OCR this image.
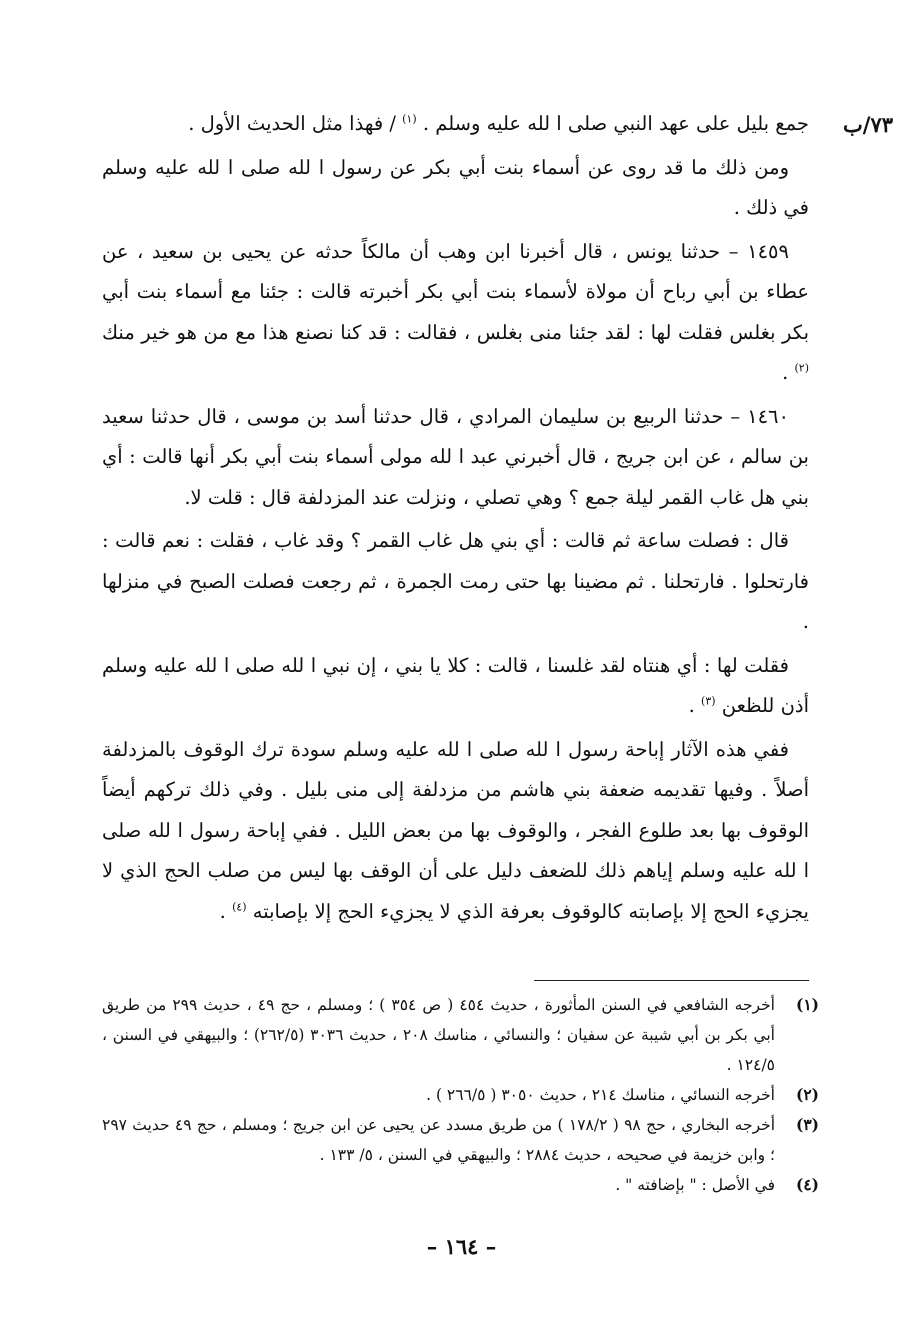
٧٣/ب

جمع بليل على عهد النبي صلى ا لله عليه وسلم . $^{(١)}$ / فهذا مثل الحديث الأول .

ومن ذلك ما قد روى عن أسماء بنت أبي بكر عن رسول ا لله صلى ا لله عليه وسلم في ذلك .

١٤٥٩ – حدثنا يونس ، قال أخبرنا ابن وهب أن مالكاً حدثه عن يحيى بن سعيد ، عن عطاء بن أبي رباح أن مولاة لأسماء بنت أبي بكر أخبرته قالت : جئنا مع أسماء بنت أبي بكر بغلس فقلت لها : لقد جئنا منى بغلس ، فقالت : قد كنا نصنع هذا مع من هو خير منك $^{(٢)}$ .

١٤٦٠ – حدثنا الربيع بن سليمان المرادي ، قال حدثنا أسد بن موسى ، قال حدثنا سعيد بن سالم ، عن ابن جريج ، قال أخبرني عبد ا لله مولى أسماء بنت أبي بكر أنها قالت : أي بني هل غاب القمر ليلة جمع ؟ وهي تصلي ، ونزلت عند المزدلفة قال : قلت لا.

قال : فصلت ساعة ثم قالت : أي بني هل غاب القمر ؟ وقد غاب ، فقلت : نعم قالت : فارتحلوا . فارتحلنا . ثم مضينا بها حتى رمت الجمرة ، ثم رجعت فصلت الصبح في منزلها .

فقلت لها : أي هنتاه لقد غلسنا ، قالت : كلا يا بني ، إن نبي ا لله صلى ا لله عليه وسلم أذن للظعن $^{(٣)}$ .

ففي هذه الآثار إباحة رسول ا لله صلى ا لله عليه وسلم سودة ترك الوقوف بالمزدلفة أصلاً . وفيها تقديمه ضعفة بني هاشم من مزدلفة إلى منى بليل . وفي ذلك تركهم أيضاً الوقوف بها بعد طلوع الفجر ، والوقوف بها من بعض الليل . ففي إباحة رسول ا لله صلى ا لله عليه وسلم إياهم ذلك للضعف دليل على أن الوقف بها ليس من صلب الحج الذي لا يجزيء الحج إلا بإصابته كالوقوف بعرفة الذي لا يجزيء الحج إلا بإصابته $^{(٤)}$ .

(١)
أخرجه الشافعي في السنن المأثورة ، حديث ٤٥٤ ( ص ٣٥٤ ) ؛ ومسلم ، حج ٤٩ ، حديث ٢٩٩ من طريق أبي بكر بن أبي شيبة عن سفيان ؛ والنسائي ، مناسك ٢٠٨ ، حديث ٣٠٣٦ (٢٦٢/٥) ؛ والبيهقي في السنن ، ١٢٤/٥ .
(٢)
أخرجه النسائي ، مناسك ٢١٤ ، حديث ٣٠٥٠ ( ٢٦٦/٥ ) .
(٣)
أخرجه البخاري ، حج ٩٨ ( ١٧٨/٢ ) من طريق مسدد عن يحيى عن ابن جريج ؛ ومسلم ، حج ٤٩ حديث ٢٩٧ ؛ وابن خزيمة في صحيحه ، حديث ٢٨٨٤ ؛ والبيهقي في السنن ، ٥/ ١٣٣ .
(٤)
في الأصل : " بإضافته " .
– ١٦٤ –
